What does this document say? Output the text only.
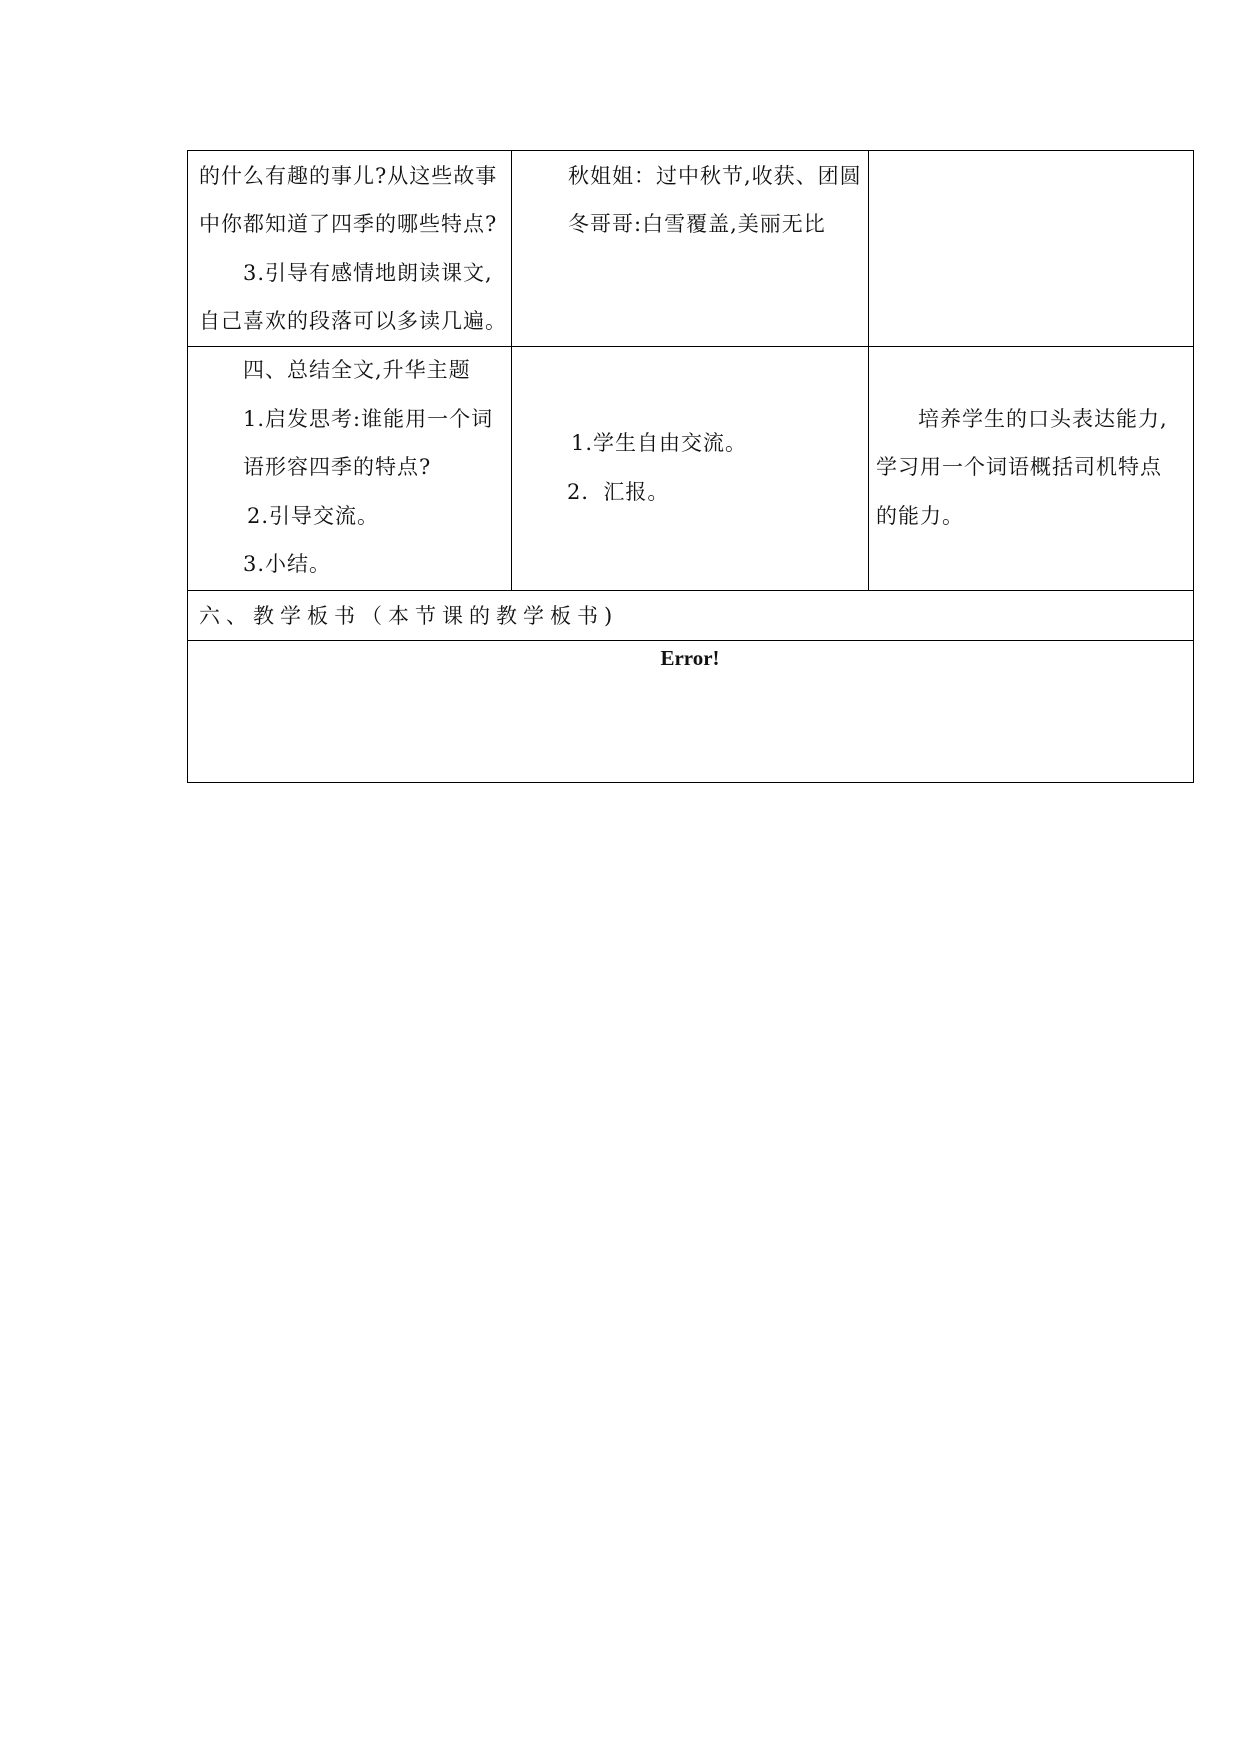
的什么有趣的事儿?从这些故事
中你都知道了四季的哪些特点?
3.引导有感情地朗读课文,
自己喜欢的段落可以多读几遍。
秋姐姐：过中秋节,收获、团圆
冬哥哥:白雪覆盖,美丽无比
四、总结全文,升华主题
1.启发思考:谁能用一个词
语形容四季的特点?
2.引导交流。
3.小结。
1.学生自由交流。
2．汇报。
培养学生的口头表达能力,
学习用一个词语概括司机特点
的能力。
六、教学板书（本节课的教学板书)
Error!
